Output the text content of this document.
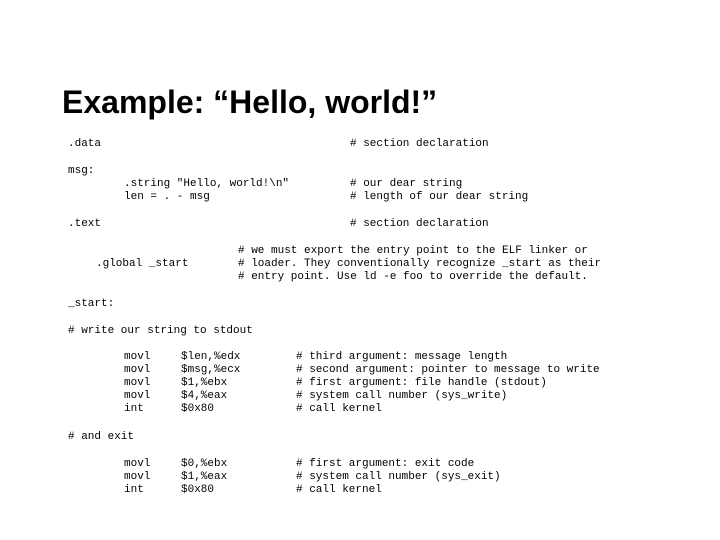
Example: “Hello, world!”
.data	# section declaration
msg:
.string "Hello, world!\n"	# our dear string
len = . - msg	# length of our dear string
.text	# section declaration
# we must export the entry point to the ELF linker or
.global _start	# loader. They conventionally recognize _start as their
# entry point. Use ld -e foo to override the default.
_start:
# write our string to stdout
movl	$len,%edx	# third argument: message length
movl	$msg,%ecx	# second argument: pointer to message to write
movl	$1,%ebx	# first argument: file handle (stdout)
movl	$4,%eax	# system call number (sys_write)
int	$0x80	# call kernel
# and exit
movl	$0,%ebx	# first argument: exit code
movl	$1,%eax	# system call number (sys_exit)
int	$0x80	# call kernel
